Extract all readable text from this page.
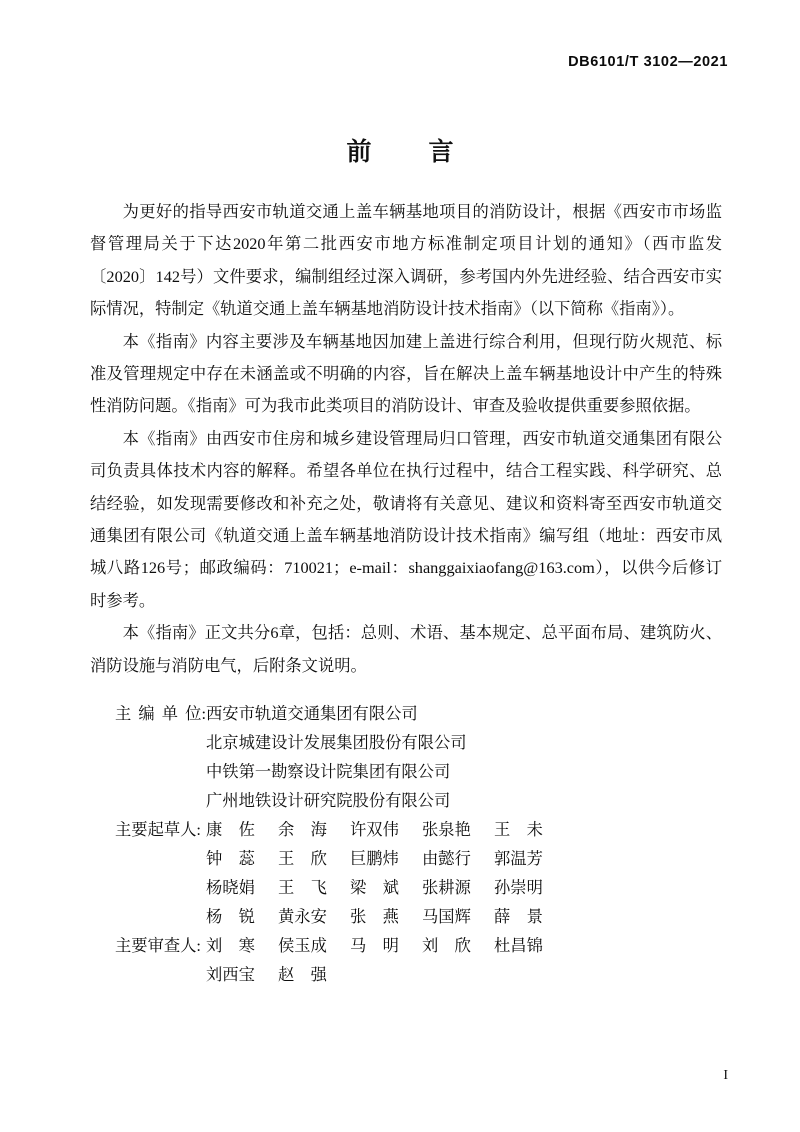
DB6101/T 3102—2021
前　言

为更好的指导西安市轨道交通上盖车辆基地项目的消防设计，根据《西安市市场监督管理局关于下达2020年第二批西安市地方标准制定项目计划的通知》（西市监发〔2020〕142号）文件要求，编制组经过深入调研，参考国内外先进经验、结合西安市实际情况，特制定《轨道交通上盖车辆基地消防设计技术指南》（以下简称《指南》）。

本《指南》内容主要涉及车辆基地因加建上盖进行综合利用，但现行防火规范、标准及管理规定中存在未涵盖或不明确的内容，旨在解决上盖车辆基地设计中产生的特殊性消防问题。《指南》可为我市此类项目的消防设计、审查及验收提供重要参照依据。

本《指南》由西安市住房和城乡建设管理局归口管理，西安市轨道交通集团有限公司负责具体技术内容的解释。希望各单位在执行过程中，结合工程实践、科学研究、总结经验，如发现需要修改和补充之处，敬请将有关意见、建议和资料寄至西安市轨道交通集团有限公司《轨道交通上盖车辆基地消防设计技术指南》编写组（地址：西安市凤城八路126号；邮政编码：710021；e-mail：shanggaixiaofang@163.com），以供今后修订时参考。

本《指南》正文共分6章，包括：总则、术语、基本规定、总平面布局、建筑防火、消防设施与消防电气，后附条文说明。

主 编 单 位: 西安市轨道交通集团有限公司
北京城建设计发展集团股份有限公司
中铁第一勘察设计院集团有限公司
广州地铁设计研究院股份有限公司
主要起草人: 康　佐	余　海	许双伟	张泉艳	王　未
钟　蕊	王　欣	巨鹏炜	由懿行	郭温芳
杨晓娟	王　飞	梁　斌	张耕源	孙崇明
杨　锐	黄永安	张　燕	马国辉	薛　景
主要审查人: 刘　寒	侯玉成	马　明	刘　欣	杜昌锦
刘西宝	赵　强
I
